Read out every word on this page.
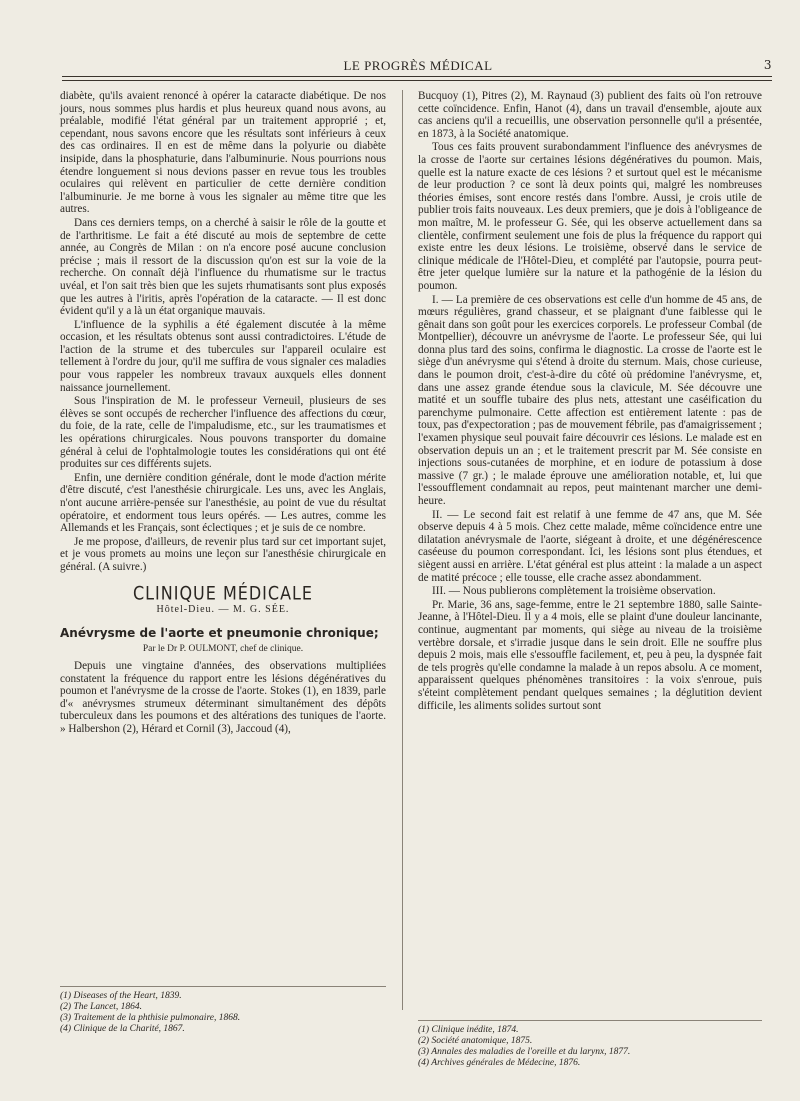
LE PROGRÈS MÉDICAL	3

diabète, qu'ils avaient renoncé à opérer la cataracte diabétique. De nos jours, nous sommes plus hardis et plus heureux quand nous avons, au préalable, modifié l'état général par un traitement approprié ; et, cependant, nous savons encore que les résultats sont inférieurs à ceux des cas ordinaires. Il en est de même dans la polyurie ou diabète insipide, dans la phosphaturie, dans l'albuminurie. Nous pourrions nous étendre longuement si nous devions passer en revue tous les troubles oculaires qui relèvent en particulier de cette dernière condition l'albuminurie. Je me borne à vous les signaler au même titre que les autres.

Dans ces derniers temps, on a cherché à saisir le rôle de la goutte et de l'arthritisme. Le fait a été discuté au mois de septembre de cette année, au Congrès de Milan : on n'a encore posé aucune conclusion précise ; mais il ressort de la discussion qu'on est sur la voie de la recherche. On connaît déjà l'influence du rhumatisme sur le tractus uvéal, et l'on sait très bien que les sujets rhumatisants sont plus exposés que les autres à l'iritis, après l'opération de la cataracte. — Il est donc évident qu'il y a là un état organique mauvais.

L'influence de la syphilis a été également discutée à la même occasion, et les résultats obtenus sont aussi contradictoires. L'étude de l'action de la strume et des tubercules sur l'appareil oculaire est tellement à l'ordre du jour, qu'il me suffira de vous signaler ces maladies pour vous rappeler les nombreux travaux auxquels elles donnent naissance journellement.

Sous l'inspiration de M. le professeur Verneuil, plusieurs de ses élèves se sont occupés de rechercher l'influence des affections du cœur, du foie, de la rate, celle de l'impaludisme, etc., sur les traumatismes et les opérations chirurgicales. Nous pouvons transporter du domaine général à celui de l'ophtalmologie toutes les considérations qui ont été produites sur ces différents sujets.

Enfin, une dernière condition générale, dont le mode d'action mérite d'être discuté, c'est l'anesthésie chirurgicale. Les uns, avec les Anglais, n'ont aucune arrière-pensée sur l'anesthésie, au point de vue du résultat opératoire, et endorment tous leurs opérés. — Les autres, comme les Allemands et les Français, sont éclectiques ; et je suis de ce nombre.

Je me propose, d'ailleurs, de revenir plus tard sur cet important sujet, et je vous promets au moins une leçon sur l'anesthésie chirurgicale en général. (A suivre.)

CLINIQUE MÉDICALE
Hôtel-Dieu. — M. G. SÉE.
Anévrysme de l'aorte et pneumonie chronique;
Par le Dr P. OULMONT, chef de clinique.

Depuis une vingtaine d'années, des observations multipliées constatent la fréquence du rapport entre les lésions dégénératives du poumon et l'anévrysme de la crosse de l'aorte. Stokes (1), en 1839, parle d'« anévrysmes strumeux déterminant simultanément des dépôts tuberculeux dans les poumons et des altérations des tuniques de l'aorte. » Halbershon (2), Hérard et Cornil (3), Jaccoud (4),

Bucquoy (1), Pitres (2), M. Raynaud (3) publient des faits où l'on retrouve cette coïncidence. Enfin, Hanot (4), dans un travail d'ensemble, ajoute aux cas anciens qu'il a recueillis, une observation personnelle qu'il a présentée, en 1873, à la Société anatomique.

Tous ces faits prouvent surabondamment l'influence des anévrysmes de la crosse de l'aorte sur certaines lésions dégénératives du poumon. Mais, quelle est la nature exacte de ces lésions ? et surtout quel est le mécanisme de leur production ? ce sont là deux points qui, malgré les nombreuses théories émises, sont encore restés dans l'ombre. Aussi, je crois utile de publier trois faits nouveaux. Les deux premiers, que je dois à l'obligeance de mon maître, M. le professeur G. Sée, qui les observe actuellement dans sa clientèle, confirment seulement une fois de plus la fréquence du rapport qui existe entre les deux lésions. Le troisième, observé dans le service de clinique médicale de l'Hôtel-Dieu, et complété par l'autopsie, pourra peut-être jeter quelque lumière sur la nature et la pathogénie de la lésion du poumon.

I. — La première de ces observations est celle d'un homme de 45 ans, de mœurs régulières, grand chasseur, et se plaignant d'une faiblesse qui le gênait dans son goût pour les exercices corporels. Le professeur Combal (de Montpellier), découvre un anévrysme de l'aorte. Le professeur Sée, qui lui donna plus tard des soins, confirma le diagnostic. La crosse de l'aorte est le siège d'un anévrysme qui s'étend à droite du sternum. Mais, chose curieuse, dans le poumon droit, c'est-à-dire du côté où prédomine l'anévrysme, et, dans une assez grande étendue sous la clavicule, M. Sée découvre une matité et un souffle tubaire des plus nets, attestant une caséification du parenchyme pulmonaire. Cette affection est entièrement latente : pas de toux, pas d'expectoration ; pas de mouvement fébrile, pas d'amaigrissement ; l'examen physique seul pouvait faire découvrir ces lésions. Le malade est en observation depuis un an ; et le traitement prescrit par M. Sée consiste en injections sous-cutanées de morphine, et en iodure de potassium à dose massive (7 gr.) ; le malade éprouve une amélioration notable, et, lui que l'essoufflement condamnait au repos, peut maintenant marcher une demi-heure.

II. — Le second fait est relatif à une femme de 47 ans, que M. Sée observe depuis 4 à 5 mois. Chez cette malade, même coïncidence entre une dilatation anévrysmale de l'aorte, siégeant à droite, et une dégénérescence caséeuse du poumon correspondant. Ici, les lésions sont plus étendues, et siègent aussi en arrière. L'état général est plus atteint : la malade a un aspect de matité précoce ; elle tousse, elle crache assez abondamment.

III. — Nous publierons complètement la troisième observation.

Pr. Marie, 36 ans, sage-femme, entre le 21 septembre 1880, salle Sainte-Jeanne, à l'Hôtel-Dieu. Il y a 4 mois, elle se plaint d'une douleur lancinante, continue, augmentant par moments, qui siège au niveau de la troisième vertèbre dorsale, et s'irradie jusque dans le sein droit. Elle ne souffre plus depuis 2 mois, mais elle s'essouffle facilement, et, peu à peu, la dyspnée fait de tels progrès qu'elle condamne la malade à un repos absolu. A ce moment, apparaissent quelques phénomènes transitoires : la voix s'enroue, puis s'éteint complètement pendant quelques semaines ; la déglutition devient difficile, les aliments solides surtout sont

(1) Diseases of the Heart, 1839.
(2) The Lancet, 1864.
(3) Traitement de la phthisie pulmonaire, 1868.
(4) Clinique de la Charité, 1867.	(1) Clinique inédite, 1874.
(2) Société anatomique, 1875.
(3) Annales des maladies de l'oreille et du larynx, 1877.
(4) Archives générales de Médecine, 1876.
